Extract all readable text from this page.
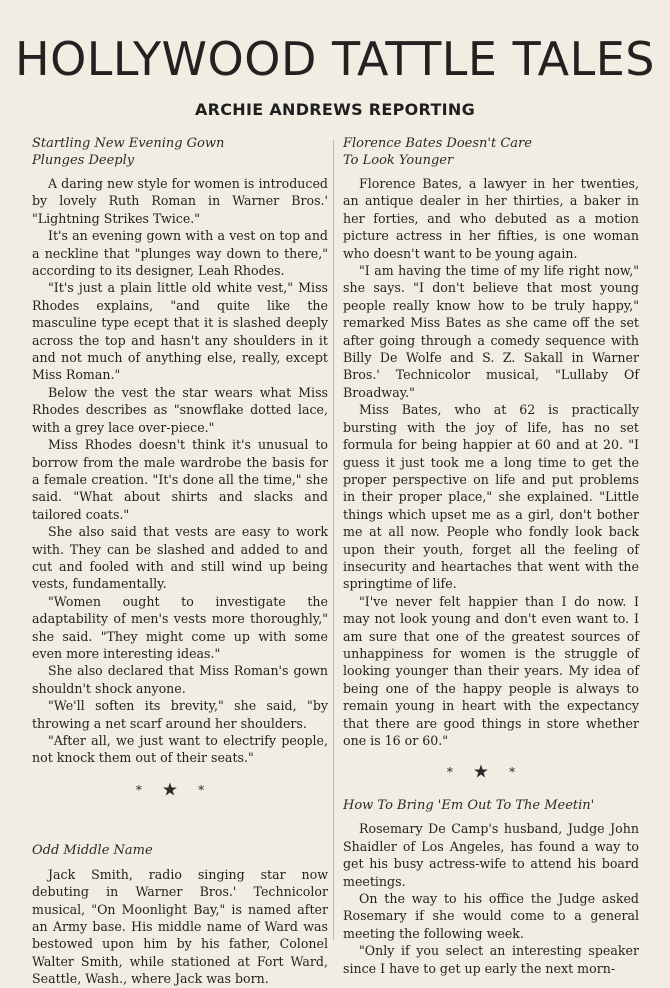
HOLLYWOOD TATTLE TALES
ARCHIE ANDREWS REPORTING
Startling New Evening Gown
Plunges Deeply

A daring new style for women is introduced by lovely Ruth Roman in Warner Bros.' "Lightning Strikes Twice."

It's an evening gown with a vest on top and a neckline that "plunges way down to there," according to its designer, Leah Rhodes.

"It's just a plain little old white vest," Miss Rhodes explains, "and quite like the masculine type ecept that it is slashed deeply across the top and hasn't any shoulders in it and not much of anything else, really, except Miss Roman."

Below the vest the star wears what Miss Rhodes describes as "snowflake dotted lace, with a grey lace over-piece."

Miss Rhodes doesn't think it's unusual to borrow from the male wardrobe the basis for a female creation. "It's done all the time," she said. "What about shirts and slacks and tailored coats."

She also said that vests are easy to work with. They can be slashed and added to and cut and fooled with and still wind up being vests, fundamentally.

"Women ought to investigate the adaptability of men's vests more thoroughly," she said. "They might come up with some even more interesting ideas."

She also declared that Miss Roman's gown shouldn't shock anyone.

"We'll soften its brevity," she said, "by throwing a net scarf around her shoulders.

"After all, we just want to electrify people, not knock them out of their seats."

*★*
Odd Middle Name

Jack Smith, radio singing star now debuting in Warner Bros.' Technicolor musical, "On Moonlight Bay," is named after an Army base. His middle name of Ward was bestowed upon him by his father, Colonel Walter Smith, while stationed at Fort Ward, Seattle, Wash., where Jack was born.

Florence Bates Doesn't Care
To Look Younger

Florence Bates, a lawyer in her twenties, an antique dealer in her thirties, a baker in her forties, and who debuted as a motion picture actress in her fifties, is one woman who doesn't want to be young again.

"I am having the time of my life right now," she says. "I don't believe that most young people really know how to be truly happy," remarked Miss Bates as she came off the set after going through a comedy sequence with Billy De Wolfe and S. Z. Sakall in Warner Bros.' Technicolor musical, "Lullaby Of Broadway."

Miss Bates, who at 62 is practically bursting with the joy of life, has no set formula for being happier at 60 and at 20. "I guess it just took me a long time to get the proper perspective on life and put problems in their proper place," she explained. "Little things which upset me as a girl, don't bother me at all now. People who fondly look back upon their youth, forget all the feeling of insecurity and heartaches that went with the springtime of life.

"I've never felt happier than I do now. I may not look young and don't even want to. I am sure that one of the greatest sources of unhappiness for women is the struggle of looking younger than their years. My idea of being one of the happy people is always to remain young in heart with the expectancy that there are good things in store whether one is 16 or 60."

*★*
How To Bring 'Em Out To The Meetin'

Rosemary De Camp's husband, Judge John Shaidler of Los Angeles, has found a way to get his busy actress-wife to attend his board meetings.

On the way to his office the Judge asked Rosemary if she would come to a general meeting the following week.

"Only if you select an interesting speaker since I have to get up early the next morn-
